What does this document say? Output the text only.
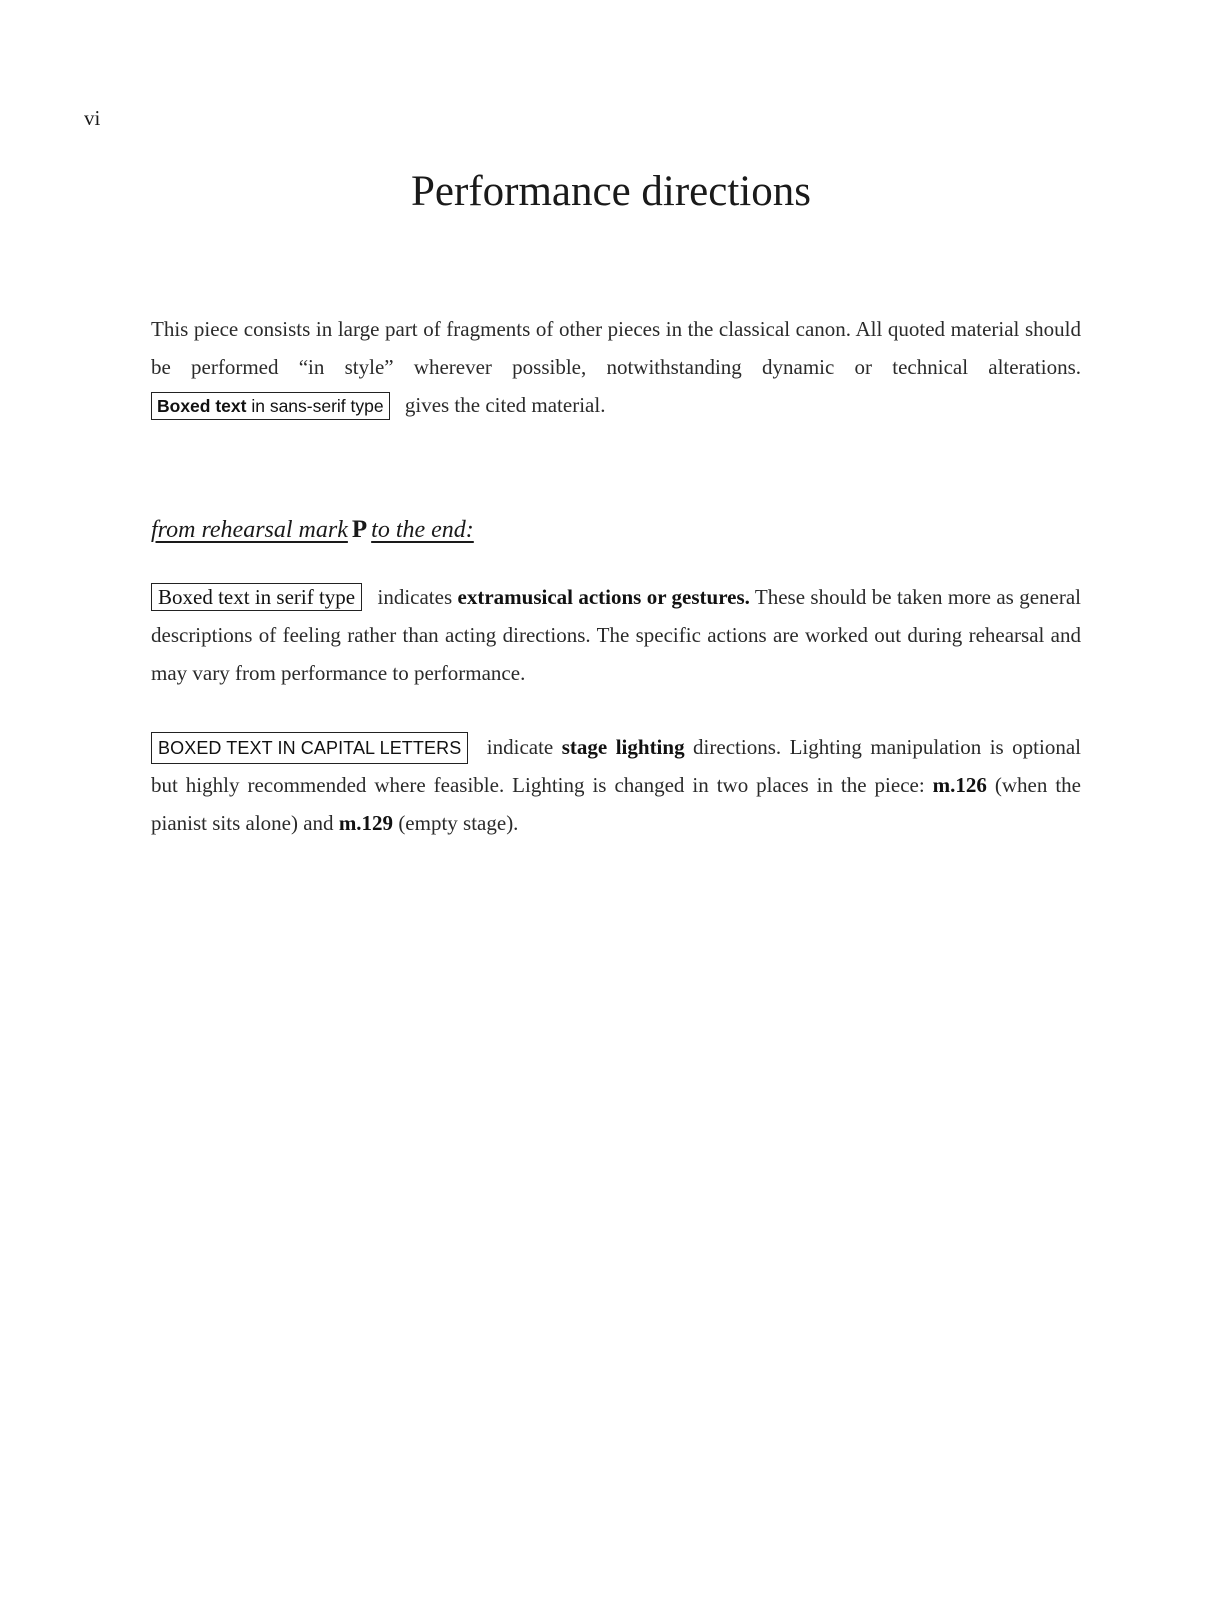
vi
Performance directions

This piece consists in large part of fragments of other pieces in the classical canon. All quoted material should be performed “in style” wherever possible, notwithstanding dynamic or technical alterations. Boxed text in sans-serif type gives the cited material.

from rehearsal mark P to the end:

Boxed text in serif type indicates extramusical actions or gestures. These should be taken more as general descriptions of feeling rather than acting directions. The specific actions are worked out during rehearsal and may vary from performance to performance.

BOXED TEXT IN CAPITAL LETTERS indicate stage lighting directions. Lighting manipulation is optional but highly recommended where feasible. Lighting is changed in two places in the piece: m.126 (when the pianist sits alone) and m.129 (empty stage).
